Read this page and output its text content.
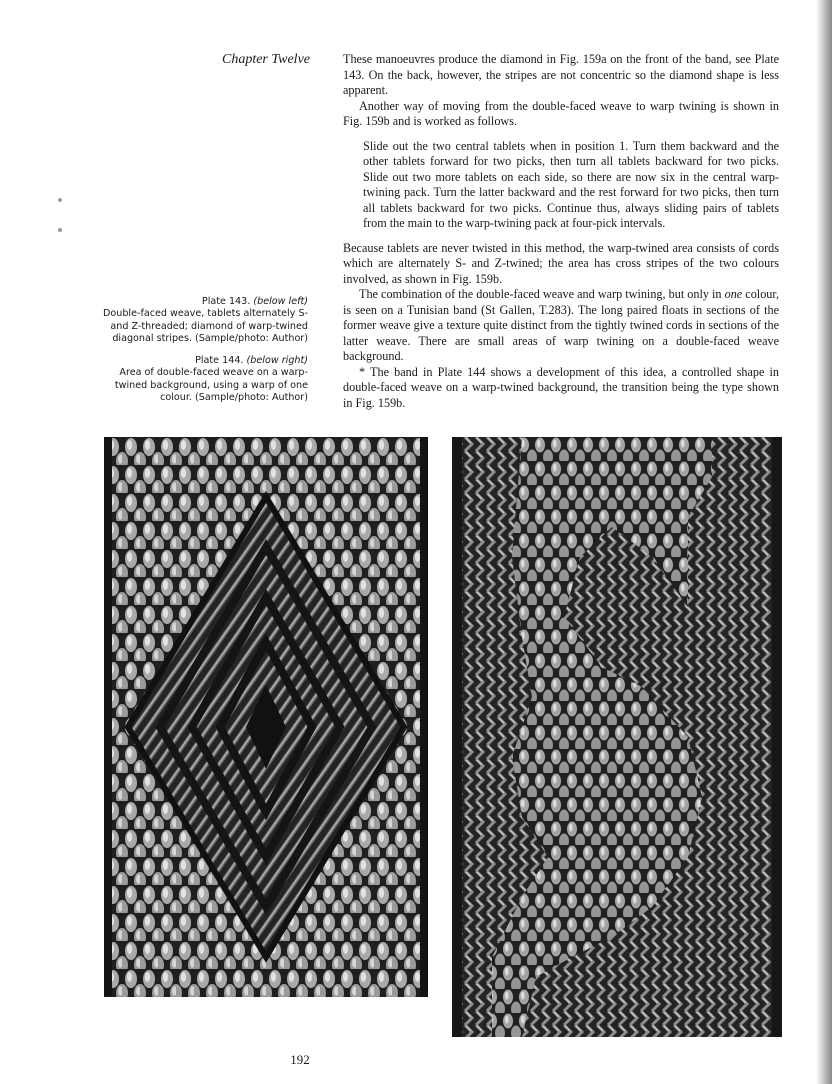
Chapter Twelve	These manoeuvres produce the diamond in Fig. 159a on the front of the band, see Plate 143. On the back, however, the stripes are not concentric so the diamond shape is less apparent.

Another way of moving from the double-faced weave to warp twining is shown in Fig. 159b and is worked as follows.

Slide out the two central tablets when in position 1. Turn them backward and the other tablets forward for two picks, then turn all tablets backward for two picks. Slide out two more tablets on each side, so there are now six in the central warp-twining pack. Turn the latter backward and the rest forward for two picks, then turn all tablets backward for two picks. Continue thus, always sliding pairs of tablets from the main to the warp-twining pack at four-pick intervals.

Because tablets are never twisted in this method, the warp-twined area consists of cords which are alternately S- and Z-twined; the area has cross stripes of the two colours involved, as shown in Fig. 159b.

The combination of the double-faced weave and warp twining, but only in one colour, is seen on a Tunisian band (St Gallen, T.283). The long paired floats in sections of the former weave give a texture quite distinct from the tightly twined cords in sections of the latter weave. There are small areas of warp twining on a double-faced weave background.

* The band in Plate 144 shows a development of this idea, a controlled shape in double-faced weave on a warp-twined background, the transition being the type shown in Fig. 159b.

Plate 143. (below left)
Double-faced weave, tablets alternately S- and Z-threaded; diamond of warp-twined diagonal stripes. (Sample/photo: Author)
Plate 144. (below right)
Area of double-faced weave on a warp-twined background, using a warp of one colour. (Sample/photo: Author)
192
